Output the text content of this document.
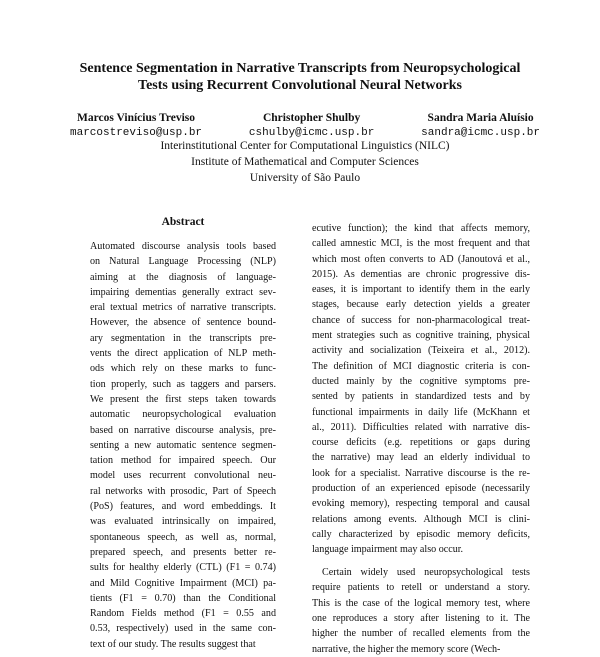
Sentence Segmentation in Narrative Transcripts from Neuropsychological
Tests using Recurrent Convolutional Neural Networks
Marcos Vinícius Treviso
marcostreviso@usp.br
Christopher Shulby
cshulby@icmc.usp.br
Sandra Maria Aluísio
sandra@icmc.usp.br
Interinstitutional Center for Computational Linguistics (NILC)
Institute of Mathematical and Computer Sciences
University of São Paulo
Abstract
Automated discourse analysis tools based
on Natural Language Processing (NLP)
aiming at the diagnosis of language-
impairing dementias generally extract sev-
eral textual metrics of narrative transcripts.
However, the absence of sentence bound-
ary segmentation in the transcripts pre-
vents the direct application of NLP meth-
ods which rely on these marks to func-
tion properly, such as taggers and parsers.
We present the first steps taken towards
automatic neuropsychological evaluation
based on narrative discourse analysis, pre-
senting a new automatic sentence segmen-
tation method for impaired speech. Our
model uses recurrent convolutional neu-
ral networks with prosodic, Part of Speech
(PoS) features, and word embeddings. It
was evaluated intrinsically on impaired,
spontaneous speech, as well as, normal,
prepared speech, and presents better re-
sults for healthy elderly (CTL) (F1 = 0.74)
and Mild Cognitive Impairment (MCI) pa-
tients (F1 = 0.70) than the Conditional
Random Fields method (F1 = 0.55 and
0.53, respectively) used in the same con-
text of our study. The results suggest that
ecutive function); the kind that affects memory,
called amnestic MCI, is the most frequent and that
which most often converts to AD (Janoutová et al.,
2015). As dementias are chronic progressive dis-
eases, it is important to identify them in the early
stages, because early detection yields a greater
chance of success for non-pharmacological treat-
ment strategies such as cognitive training, physical
activity and socialization (Teixeira et al., 2012).
The definition of MCI diagnostic criteria is con-
ducted mainly by the cognitive symptoms pre-
sented by patients in standardized tests and by
functional impairments in daily life (McKhann et
al., 2011). Difficulties related with narrative dis-
course deficits (e.g. repetitions or gaps during
the narrative) may lead an elderly individual to
look for a specialist. Narrative discourse is the re-
production of an experienced episode (necessarily
evoking memory), respecting temporal and causal
relations among events. Although MCI is clini-
cally characterized by episodic memory deficits,
language impairment may also occur.
Certain widely used neuropsychological tests
require patients to retell or understand a story.
This is the case of the logical memory test, where
one reproduces a story after listening to it. The
higher the number of recalled elements from the
narrative, the higher the memory score (Wech-
